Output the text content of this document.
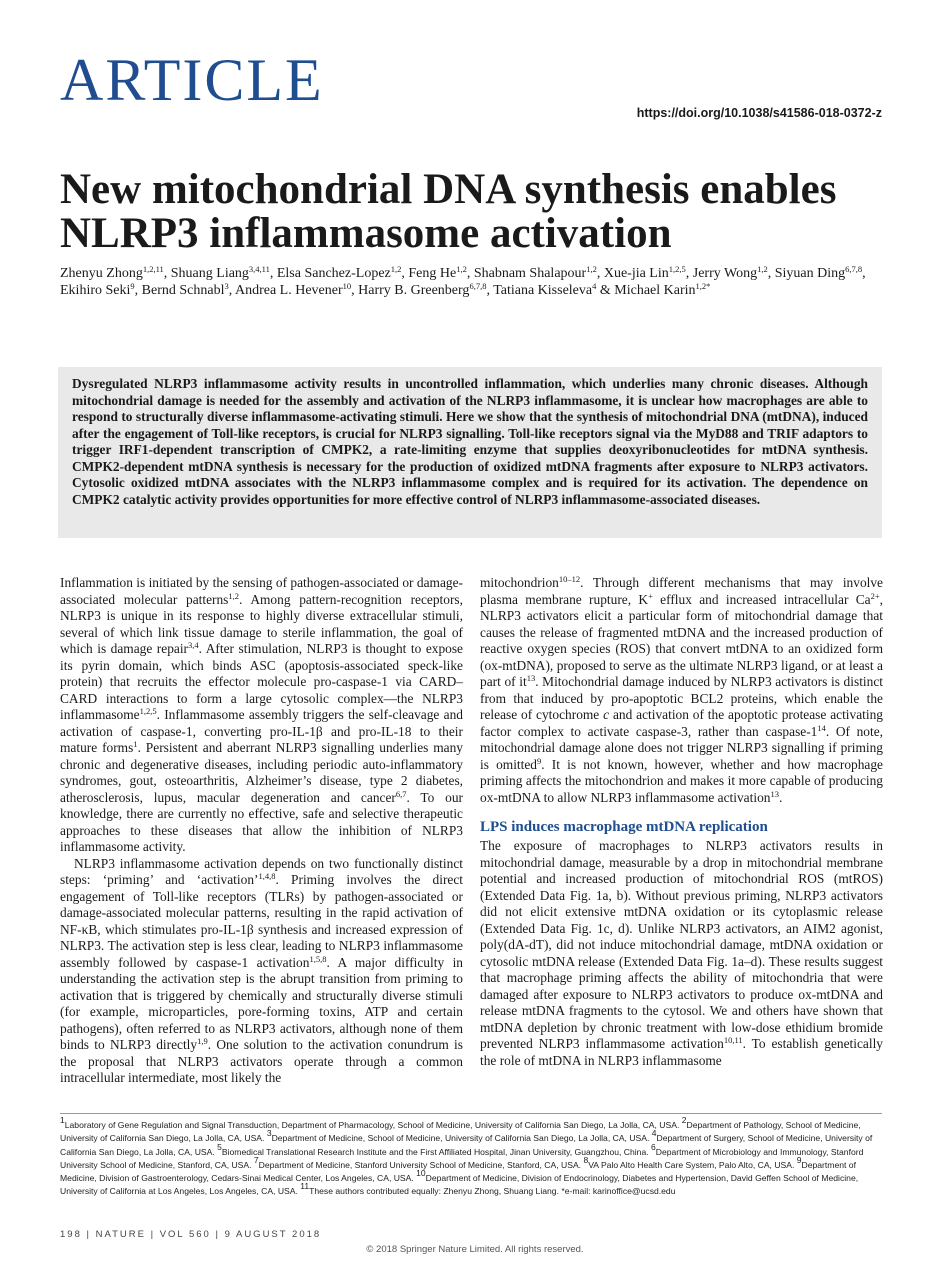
ARTICLE	https://doi.org/10.1038/s41586-018-0372-z
New mitochondrial DNA synthesis enables NLRP3 inflammasome activation
Zhenyu Zhong$^{1,2,11}$, Shuang Liang$^{3,4,11}$, Elsa Sanchez-Lopez$^{1,2}$, Feng He$^{1,2}$, Shabnam Shalapour$^{1,2}$, Xue-jia Lin$^{1,2,5}$, Jerry Wong$^{1,2}$, Siyuan Ding$^{6,7,8}$, Ekihiro Seki$^9$, Bernd Schnabl$^3$, Andrea L. Hevener$^{10}$, Harry B. Greenberg$^{6,7,8}$, Tatiana Kisseleva$^4$ & Michael Karin$^{1,2*}$
Dysregulated NLRP3 inflammasome activity results in uncontrolled inflammation, which underlies many chronic diseases. Although mitochondrial damage is needed for the assembly and activation of the NLRP3 inflammasome, it is unclear how macrophages are able to respond to structurally diverse inflammasome-activating stimuli. Here we show that the synthesis of mitochondrial DNA (mtDNA), induced after the engagement of Toll-like receptors, is crucial for NLRP3 signalling. Toll-like receptors signal via the MyD88 and TRIF adaptors to trigger IRF1-dependent transcription of CMPK2, a rate-limiting enzyme that supplies deoxyribonucleotides for mtDNA synthesis. CMPK2-dependent mtDNA synthesis is necessary for the production of oxidized mtDNA fragments after exposure to NLRP3 activators. Cytosolic oxidized mtDNA associates with the NLRP3 inflammasome complex and is required for its activation. The dependence on CMPK2 catalytic activity provides opportunities for more effective control of NLRP3 inflammasome-associated diseases.

Inflammation is initiated by the sensing of pathogen-associated or damage-associated molecular patterns$^{1,2}$. Among pattern-recognition receptors, NLRP3 is unique in its response to highly diverse extracellular stimuli, several of which link tissue damage to sterile inflammation, the goal of which is damage repair$^{3,4}$. After stimulation, NLRP3 is thought to expose its pyrin domain, which binds ASC (apoptosis-associated speck-like protein) that recruits the effector molecule pro-caspase-1 via CARD–CARD interactions to form a large cytosolic complex—the NLRP3 inflammasome$^{1,2,5}$. Inflammasome assembly triggers the self-cleavage and activation of caspase-1, converting pro-IL-1β and pro-IL-18 to their mature forms$^1$. Persistent and aberrant NLRP3 signalling underlies many chronic and degenerative diseases, including periodic auto-inflammatory syndromes, gout, osteoarthritis, Alzheimer’s disease, type 2 diabetes, atherosclerosis, lupus, macular degeneration and cancer$^{6,7}$. To our knowledge, there are currently no effective, safe and selective therapeutic approaches to these diseases that allow the inhibition of NLRP3 inflammasome activity.

NLRP3 inflammasome activation depends on two functionally distinct steps: ‘priming’ and ‘activation’$^{1,4,8}$. Priming involves the direct engagement of Toll-like receptors (TLRs) by pathogen-associated or damage-associated molecular patterns, resulting in the rapid activation of NF-κB, which stimulates pro-IL-1β synthesis and increased expression of NLRP3. The activation step is less clear, leading to NLRP3 inflammasome assembly followed by caspase-1 activation$^{1,5,8}$. A major difficulty in understanding the activation step is the abrupt transition from priming to activation that is triggered by chemically and structurally diverse stimuli (for example, microparticles, pore-forming toxins, ATP and certain pathogens), often referred to as NLRP3 activators, although none of them binds to NLRP3 directly$^{1,9}$. One solution to the activation conundrum is the proposal that NLRP3 activators operate through a common intracellular intermediate, most likely the

mitochondrion$^{10-12}$. Through different mechanisms that may involve plasma membrane rupture, K+ efflux and increased intracellular $Ca^{2+}$, NLRP3 activators elicit a particular form of mitochondrial damage that causes the release of fragmented mtDNA and the increased production of reactive oxygen species (ROS) that convert mtDNA to an oxidized form (ox-mtDNA), proposed to serve as the ultimate NLRP3 ligand, or at least a part of $it^{13}$. Mitochondrial damage induced by NLRP3 activators is distinct from that induced by pro-apoptotic BCL2 proteins, which enable the release of cytochrome c and activation of the apoptotic protease activating factor complex to activate caspase-3, rather than caspase-$1^{14}$. Of note, mitochondrial damage alone does not trigger NLRP3 signalling if priming is omitted$^9$. It is not known, however, whether and how macrophage priming affects the mitochondrion and makes it more capable of producing ox-mtDNA to allow NLRP3 inflammasome activation$^{13}$.

LPS induces macrophage mtDNA replication

The exposure of macrophages to NLRP3 activators results in mitochondrial damage, measurable by a drop in mitochondrial membrane potential and increased production of mitochondrial ROS (mtROS) (Extended Data Fig. 1a, b). Without previous priming, NLRP3 activators did not elicit extensive mtDNA oxidation or its cytoplasmic release (Extended Data Fig. 1c, d). Unlike NLRP3 activators, an AIM2 agonist, poly(dA-dT), did not induce mitochondrial damage, mtDNA oxidation or cytosolic mtDNA release (Extended Data Fig. 1a–d). These results suggest that macrophage priming affects the ability of mitochondria that were damaged after exposure to NLRP3 activators to produce ox-mtDNA and release mtDNA fragments to the cytosol. We and others have shown that mtDNA depletion by chronic treatment with low-dose ethidium bromide prevented NLRP3 inflammasome activation$^{10,11}$. To establish genetically the role of mtDNA in NLRP3 inflammasome

$^1$Laboratory of Gene Regulation and Signal Transduction, Department of Pharmacology, School of Medicine, University of California San Diego, La Jolla, CA, USA. $^2$Department of Pathology, School of Medicine, University of California San Diego, La Jolla, CA, USA. $^3$Department of Medicine, School of Medicine, University of California San Diego, La Jolla, CA, USA. $^4$Department of Surgery, School of Medicine, University of California San Diego, La Jolla, CA, USA. $^5$Biomedical Translational Research Institute and the First Affiliated Hospital, Jinan University, Guangzhou, China. $^6$Department of Microbiology and Immunology, Stanford University School of Medicine, Stanford, CA, USA. $^7$Department of Medicine, Stanford University School of Medicine, Stanford, CA, USA. $^8$VA Palo Alto Health Care System, Palo Alto, CA, USA. $^9$Department of Medicine, Division of Gastroenterology, Cedars-Sinai Medical Center, Los Angeles, CA, USA. $^{10}$Department of Medicine, Division of Endocrinology, Diabetes and Hypertension, David Geffen School of Medicine, University of California at Los Angeles, Los Angeles, CA, USA. $^{11}$These authors contributed equally: Zhenyu Zhong, Shuang Liang. *e-mail: karinoffice@ucsd.edu
198 | NATURE | VOL 560 | 9 AUGUST 2018
© 2018 Springer Nature Limited. All rights reserved.
